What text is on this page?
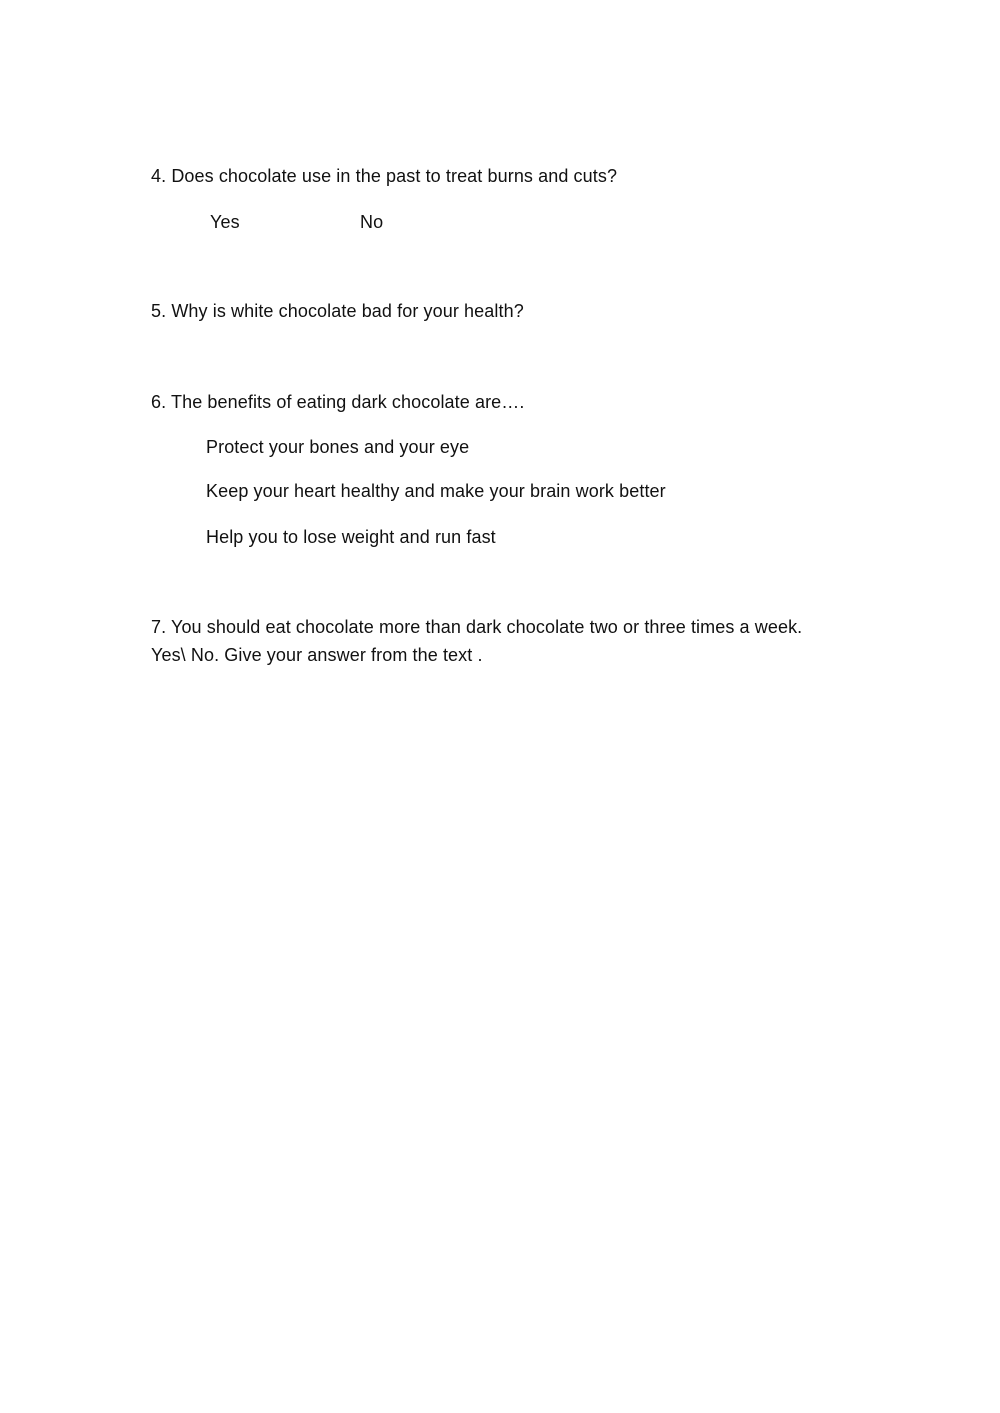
4. Does chocolate use in the past to treat burns and cuts?
Yes	No
5. Why is white chocolate bad for your health?
6. The benefits of eating dark chocolate are….
Protect your bones and your eye
Keep your heart healthy and make your brain work better
Help you to lose weight and run fast
7. You should eat chocolate more than dark chocolate two or three times a week.
Yes\ No. Give your answer from the text .
